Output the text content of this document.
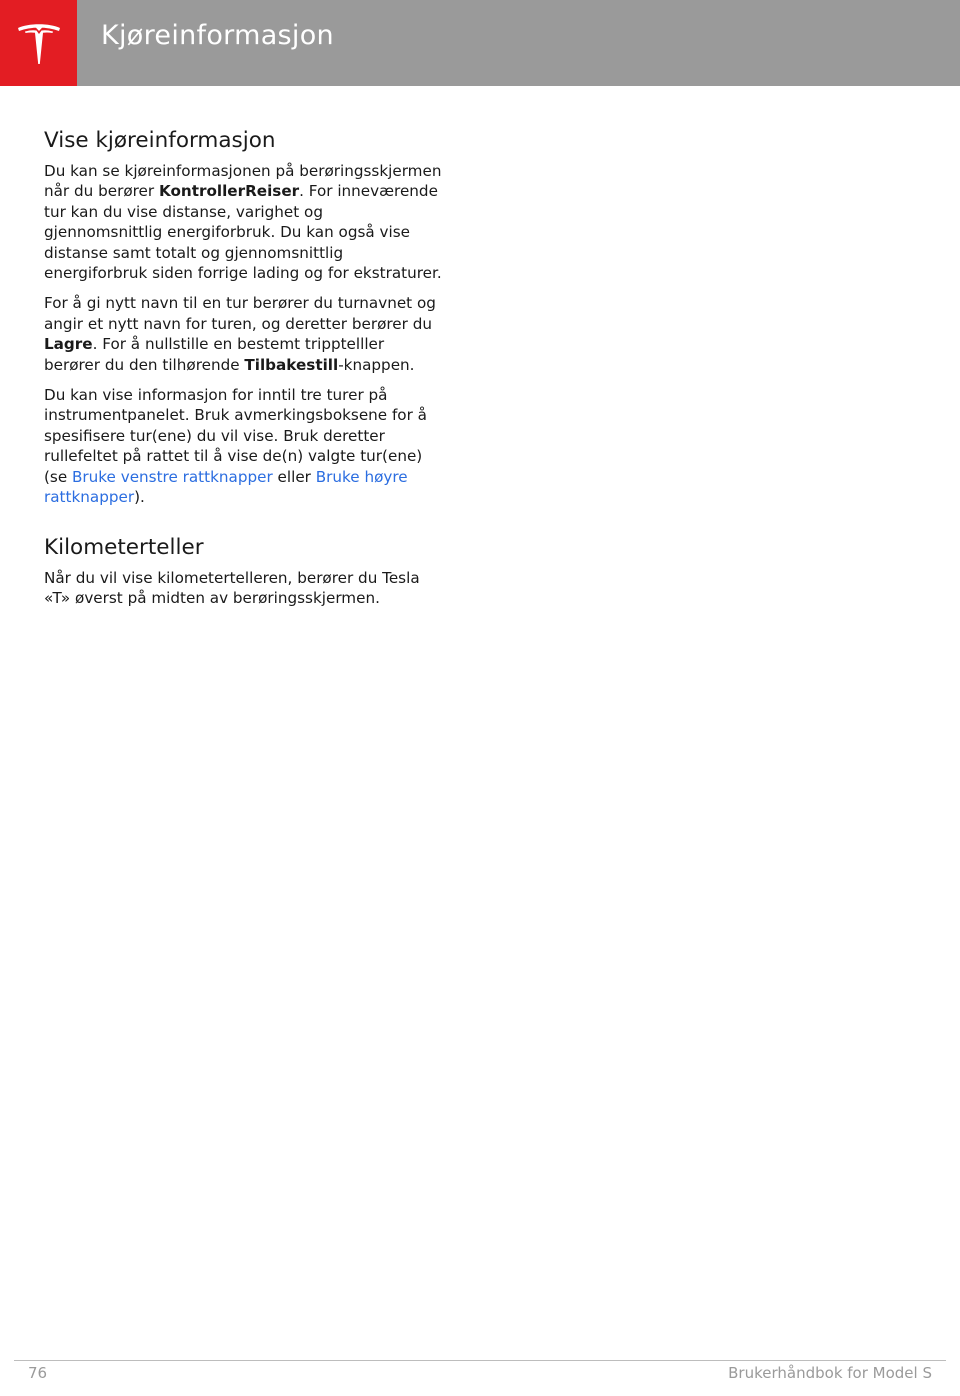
Kjøreinformasjon
Vise kjøreinformasjon

Du kan se kjøreinformasjonen på berøringsskjermen når du berører KontrollerReiser. For inneværende tur kan du vise distanse, varighet og gjennomsnittlig energiforbruk. Du kan også vise distanse samt totalt og gjennomsnittlig energiforbruk siden forrige lading og for ekstraturer.

For å gi nytt navn til en tur berører du turnavnet og angir et nytt navn for turen, og deretter berører du Lagre. For å nullstille en bestemt tripptelller berører du den tilhørende Tilbakestill-knappen.

Du kan vise informasjon for inntil tre turer på instrumentpanelet. Bruk avmerkingsboksene for å spesifisere tur(ene) du vil vise. Bruk deretter rullefeltet på rattet til å vise de(n) valgte tur(ene) (se Bruke venstre rattknapper eller Bruke høyre rattknapper).

Kilometerteller

Når du vil vise kilometertelleren, berører du Tesla «T» øverst på midten av berøringsskjermen.

76	Brukerhåndbok for Model S
